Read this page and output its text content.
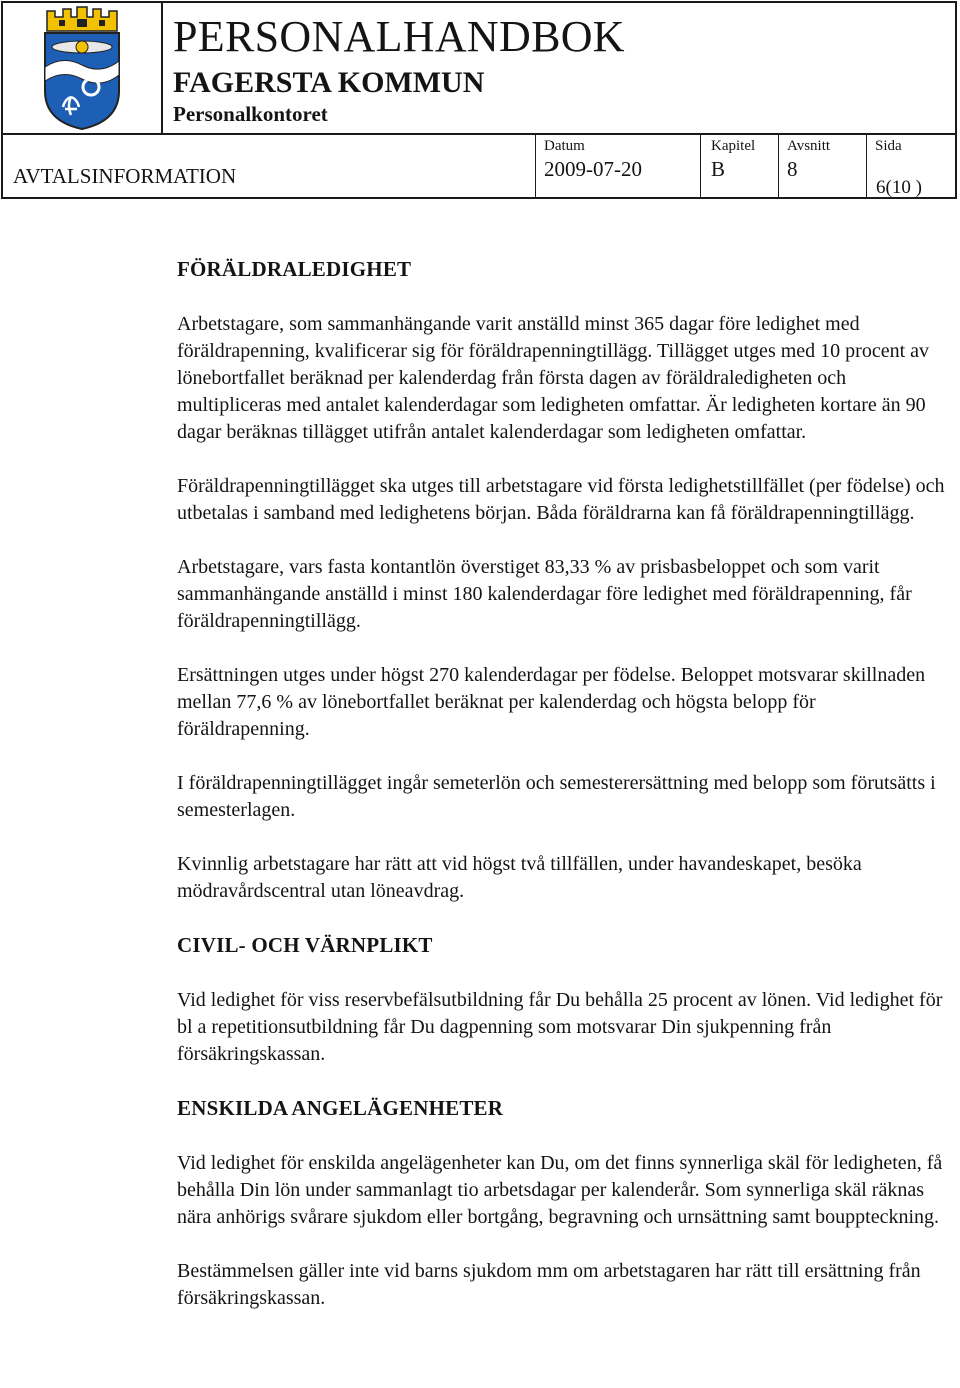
PERSONALHANDBOK
FAGERSTA KOMMUN
Personalkontoret
AVTALSINFORMATION
Datum
2009-07-20
Kapitel
B
Avsnitt
8
Sida
6(10 )
FÖRÄLDRALEDIGHET

Arbetstagare, som sammanhängande varit anställd minst 365 dagar före ledighet med föräldrapenning, kvalificerar sig för föräldrapenningtillägg. Tillägget utges med 10 procent av lönebortfallet beräknad per kalenderdag från första dagen av föräldraledigheten och multipliceras med antalet kalenderdagar som ledigheten omfattar. Är ledigheten kortare än 90 dagar beräknas tillägget utifrån antalet kalenderdagar som ledigheten omfattar.

Föräldrapenningtillägget ska utges till arbetstagare vid första ledighetstillfället (per födelse) och utbetalas i samband med ledighetens början. Båda föräldrarna kan få föräldrapenningtillägg.

Arbetstagare, vars fasta kontantlön överstiget 83,33 % av prisbasbeloppet och som varit sammanhängande anställd i minst 180 kalenderdagar före ledighet med föräldrapenning, får föräldrapenningtillägg.

Ersättningen utges under högst 270 kalenderdagar per födelse. Beloppet motsvarar skillnaden mellan 77,6 % av lönebortfallet beräknat per kalenderdag och högsta belopp för föräldrapenning.

I föräldrapenningtillägget ingår semeterlön och semesterersättning med belopp som förutsätts i semesterlagen.

Kvinnlig arbetstagare har rätt att vid högst två tillfällen, under havandeskapet, besöka mödravårdscentral utan löneavdrag.

CIVIL- OCH VÄRNPLIKT

Vid ledighet för viss reservbefälsutbildning får Du behålla 25 procent av lönen. Vid ledighet för bl a repetitionsutbildning får Du dagpenning som motsvarar Din sjukpenning från försäkringskassan.

ENSKILDA ANGELÄGENHETER

Vid ledighet för enskilda angelägenheter kan Du, om det finns synnerliga skäl för ledigheten, få behålla Din lön under sammanlagt tio arbetsdagar per kalenderår. Som synnerliga skäl räknas nära anhörigs svårare sjukdom eller bortgång, begravning och urnsättning samt bouppteckning.

Bestämmelsen gäller inte vid barns sjukdom mm om arbetstagaren har rätt till ersättning från försäkringskassan.
